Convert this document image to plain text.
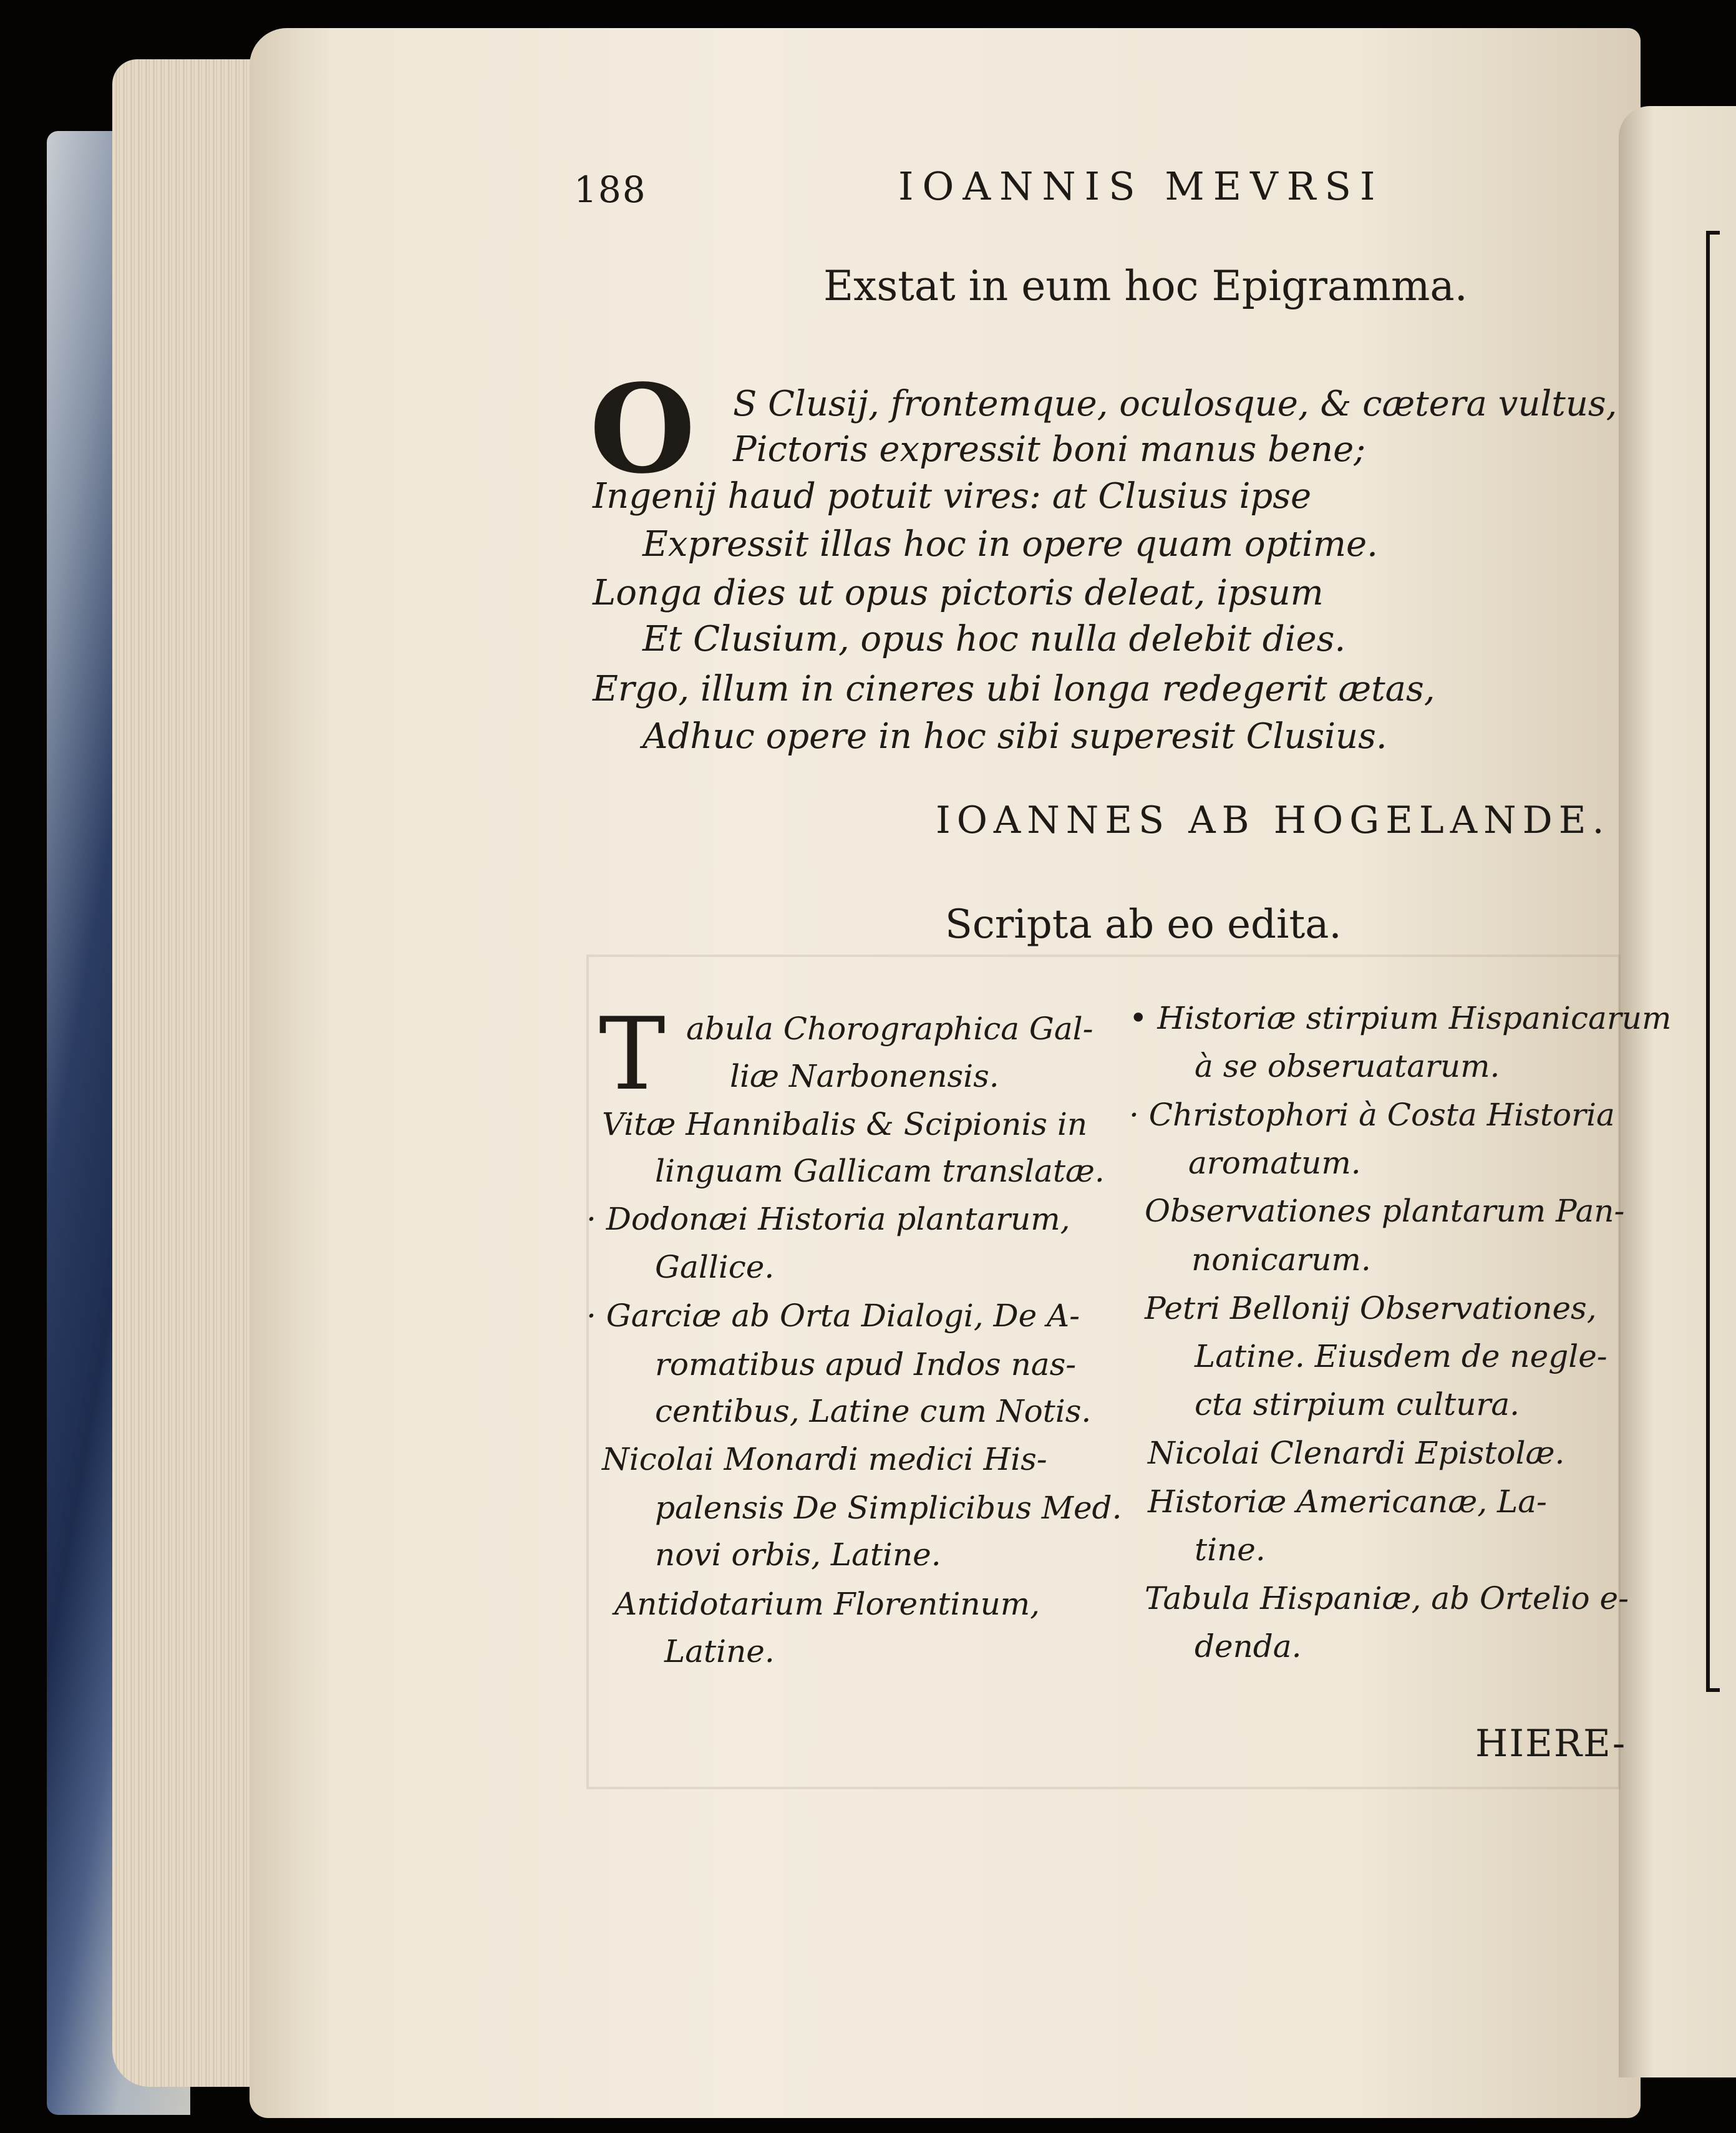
188	IOANNIS MEVRSI
Exstat in eum hoc Epigramma.
O S Clusij, frontemque, oculosque, & cætera vultus,
Pictoris expressit boni manus bene;
Ingenij haud potuit vires: at Clusius ipse
Expressit illas hoc in opere quam optime.
Longa dies ut opus pictoris deleat, ipsum
Et Clusium, opus hoc nulla delebit dies.
Ergo, illum in cineres ubi longa redegerit ætas,
Adhuc opere in hoc sibi superesit Clusius.
IOANNES AB HOGELANDE.
Scripta ab eo edita.
T abula Chorographica Gal-
liæ Narbonensis.
Vitæ Hannibalis & Scipionis in
linguam Gallicam translatæ.
· Dodonæi Historia plantarum,
Gallice.
· Garciæ ab Orta Dialogi, De A-
romatibus apud Indos nas-
centibus, Latine cum Notis.
Nicolai Monardi medici His-
palensis De Simplicibus Med.
novi orbis, Latine.
Antidotarium Florentinum,
Latine.
• Historiæ stirpium Hispanicarum
à se obseruatarum.
· Christophori à Costa Historia
aromatum.
Observationes plantarum Pan-
nonicarum.
Petri Bellonij Observationes,
Latine. Eiusdem de negle-
cta stirpium cultura.
Nicolai Clenardi Epistolæ.
Historiæ Americanæ, La-
tine.
Tabula Hispaniæ, ab Ortelio e-
denda.
HIERE-
